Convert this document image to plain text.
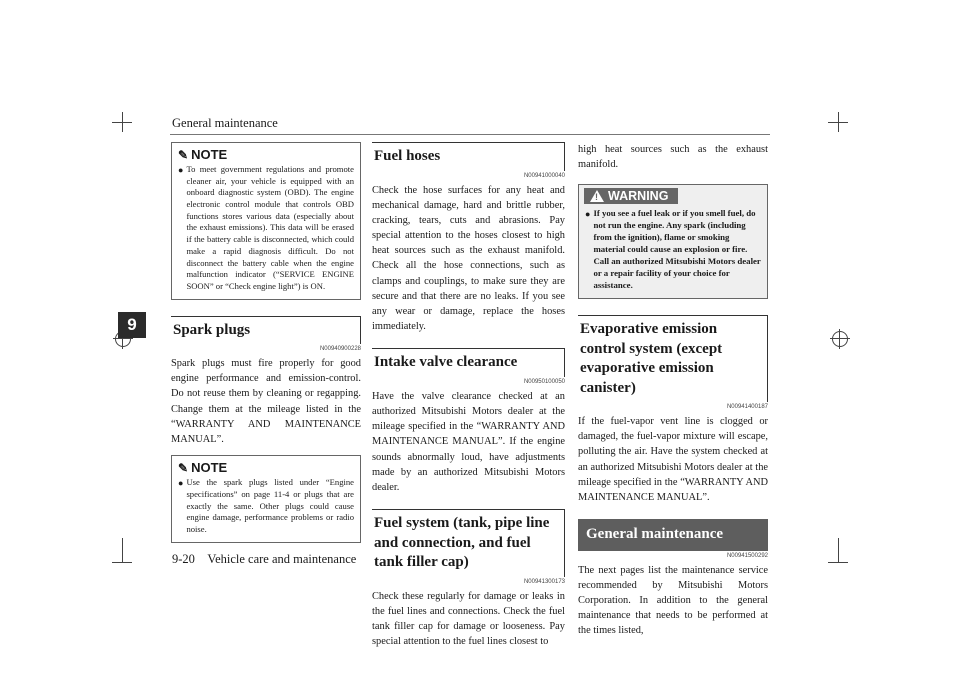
General maintenance
9
9-20 Vehicle care and maintenance
✎ NOTE
● To meet government regulations and promote cleaner air, your vehicle is equipped with an onboard diagnostic system (OBD). The engine electronic control module that controls OBD functions stores various data (especially about the exhaust emissions). This data will be erased if the battery cable is disconnected, which could make a rapid diagnosis difficult. Do not disconnect the battery cable when the engine malfunction indicator (“SERVICE ENGINE SOON” or “Check engine light”) is ON.
Spark plugs
N00940900228
Spark plugs must fire properly for good engine performance and emission-control. Do not reuse them by cleaning or regapping. Change them at the mileage listed in the “WARRANTY AND MAINTENANCE MANUAL”.
✎ NOTE
● Use the spark plugs listed under “Engine specifications” on page 11-4 or plugs that are exactly the same. Other plugs could cause engine damage, performance problems or radio noise.
Fuel hoses
N00941000040
Check the hose surfaces for any heat and mechanical damage, hard and brittle rubber, cracking, tears, cuts and abrasions. Pay special attention to the hoses closest to high heat sources such as the exhaust manifold. Check all the hose connections, such as clamps and couplings, to make sure they are secure and that there are no leaks. If you see any wear or damage, replace the hoses immediately.
Intake valve clearance
N00950100050
Have the valve clearance checked at an authorized Mitsubishi Motors dealer at the mileage specified in the “WARRANTY AND MAINTENANCE MANUAL”. If the engine sounds abnormally loud, have adjustments made by an authorized Mitsubishi Motors dealer.
Fuel system (tank, pipe line and connection, and fuel tank filler cap)
N00941300173
Check these regularly for damage or leaks in the fuel lines and connections. Check the fuel tank filler cap for damage or looseness. Pay special attention to the fuel lines closest to
high heat sources such as the exhaust manifold.
! WARNING
● If you see a fuel leak or if you smell fuel, do not run the engine. Any spark (including from the ignition), flame or smoking material could cause an explosion or fire. Call an authorized Mitsubishi Motors dealer or a repair facility of your choice for assistance.
Evaporative emission control system (except evaporative emission canister)
N00941400187
If the fuel-vapor vent line is clogged or damaged, the fuel-vapor mixture will escape, polluting the air. Have the system checked at an authorized Mitsubishi Motors dealer at the mileage specified in the “WARRANTY AND MAINTENANCE MANUAL”.
General maintenance
N00941500292
The next pages list the maintenance service recommended by Mitsubishi Motors Corporation. In addition to the general maintenance that needs to be performed at the times listed,
